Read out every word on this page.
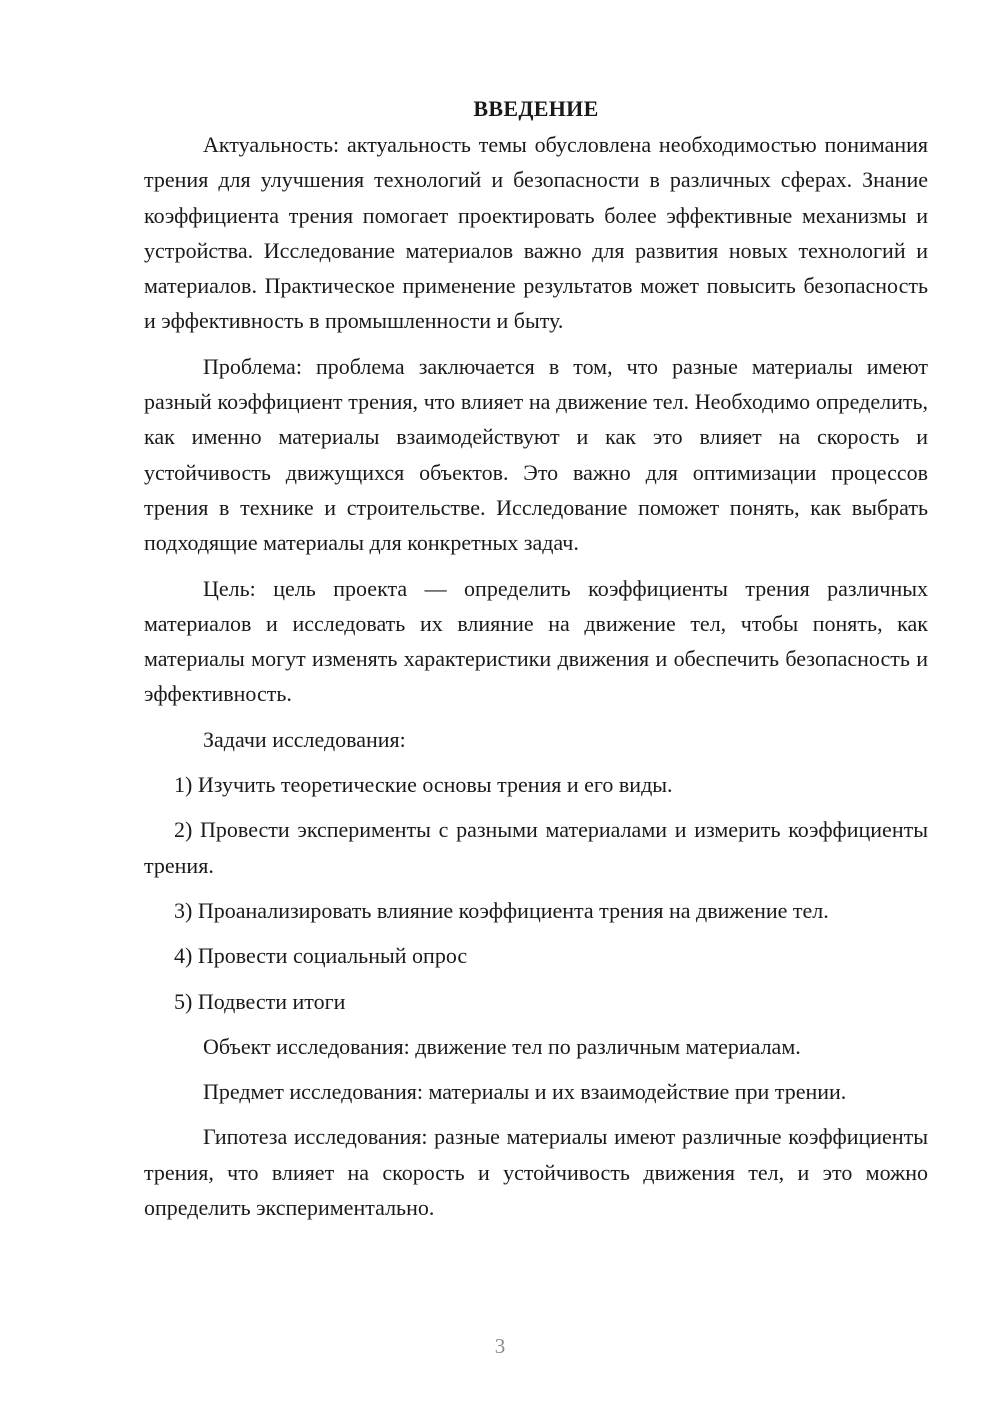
ВВЕДЕНИЕ

Актуальность: актуальность темы обусловлена необходимостью понимания трения для улучшения технологий и безопасности в различных сферах. Знание коэффициента трения помогает проектировать более эффективные механизмы и устройства. Исследование материалов важно для развития новых технологий и материалов. Практическое применение результатов может повысить безопасность и эффективность в промышленности и быту.

Проблема: проблема заключается в том, что разные материалы имеют разный коэффициент трения, что влияет на движение тел. Необходимо определить, как именно материалы взаимодействуют и как это влияет на скорость и устойчивость движущихся объектов. Это важно для оптимизации процессов трения в технике и строительстве. Исследование поможет понять, как выбрать подходящие материалы для конкретных задач.

Цель: цель проекта — определить коэффициенты трения различных материалов и исследовать их влияние на движение тел, чтобы понять, как материалы могут изменять характеристики движения и обеспечить безопасность и эффективность.

Задачи исследования:

1) Изучить теоретические основы трения и его виды.

2) Провести эксперименты с разными материалами и измерить коэффициенты трения.

3) Проанализировать влияние коэффициента трения на движение тел.

4) Провести социальный опрос

5) Подвести итоги

Объект исследования: движение тел по различным материалам.

Предмет исследования: материалы и их взаимодействие при трении.

Гипотеза исследования: разные материалы имеют различные коэффициенты трения, что влияет на скорость и устойчивость движения тел, и это можно определить экспериментально.

3
